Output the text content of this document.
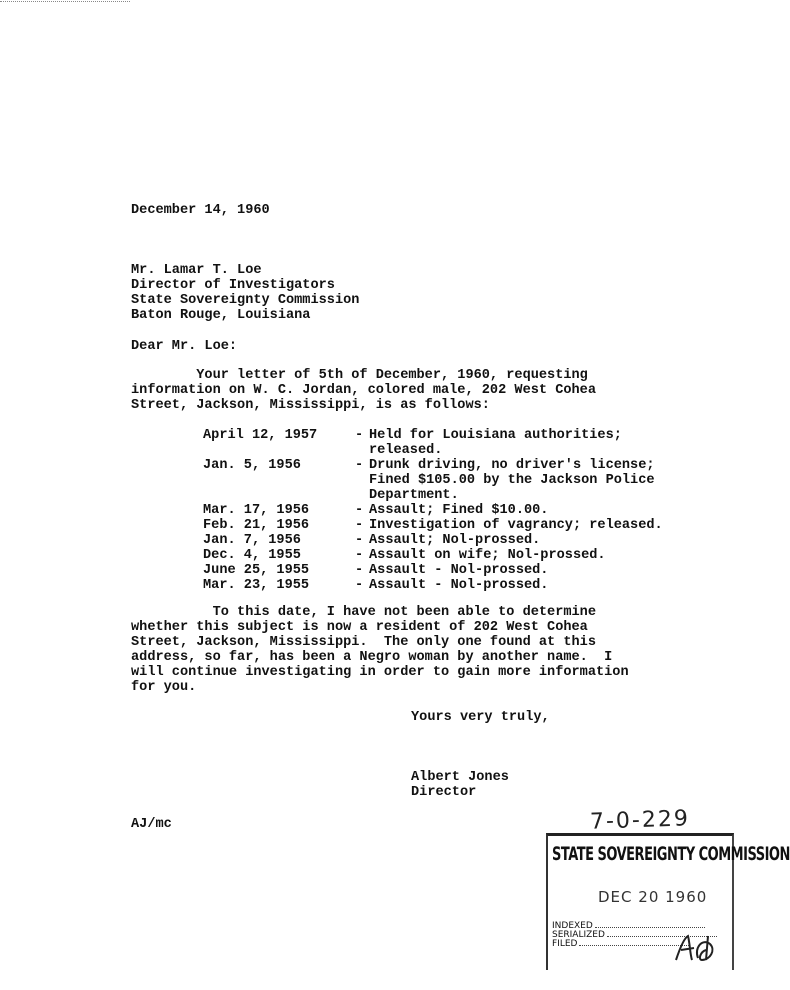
December 14, 1960
Mr. Lamar T. Loe
Director of Investigators
State Sovereignty Commission
Baton Rouge, Louisiana
Dear Mr. Loe:
Your letter of 5th of December, 1960, requesting
information on W. C. Jordan, colored male, 202 West Cohea
Street, Jackson, Mississippi, is as follows:
April 12, 1957	-	Held for Louisiana authorities;
released.

Jan. 5, 1956	-	Drunk driving, no driver's license;
Fined $105.00 by the Jackson Police
Department.

Mar. 17, 1956	-	Assault; Fined $10.00.
Feb. 21, 1956	-	Investigation of vagrancy; released.
Jan. 7, 1956	-	Assault; Nol-prossed.
Dec. 4, 1955	-	Assault on wife; Nol-prossed.
June 25, 1955	-	Assault - Nol-prossed.
Mar. 23, 1955	-	Assault - Nol-prossed.
To this date, I have not been able to determine
whether this subject is now a resident of 202 West Cohea
Street, Jackson, Mississippi.  The only one found at this
address, so far, has been a Negro woman by another name.  I
will continue investigating in order to gain more information
for you.
Yours very truly,
Albert Jones
Director
AJ/mc	7-0-229
STATE SOVEREIGNTY COMMISSION
DEC 20 1960
INDEXED
SERIALIZED
FILED
